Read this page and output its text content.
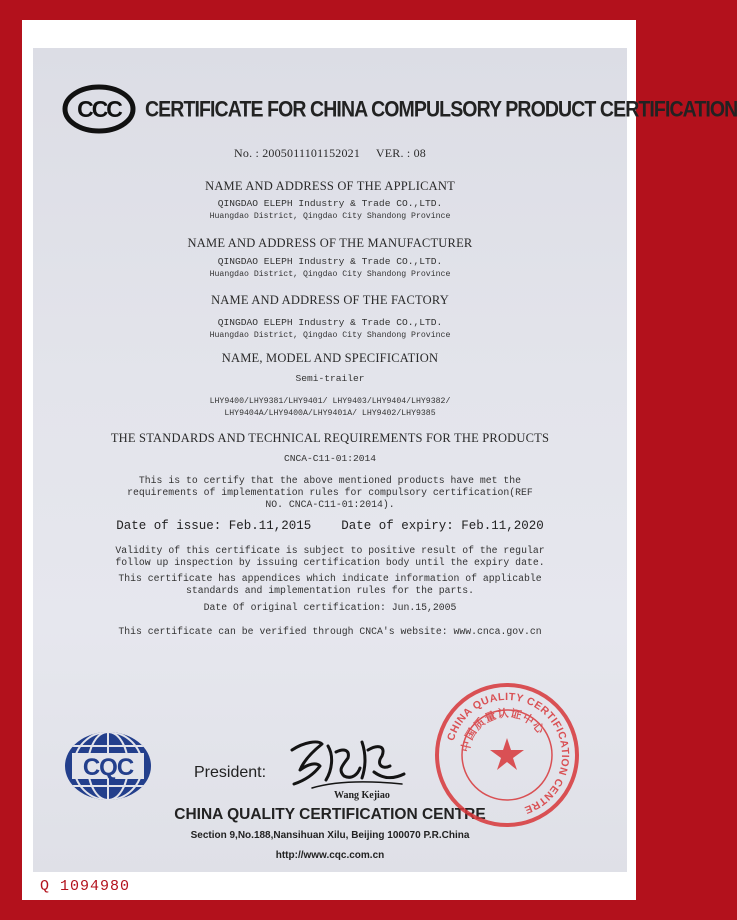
CCC CERTIFICATE FOR CHINA COMPULSORY PRODUCT CERTIFICATION
No. : 2005011101152021     VER. : 08
NAME AND ADDRESS OF THE APPLICANT
QINGDAO ELEPH Industry & Trade CO.,LTD.
Huangdao District, Qingdao City Shandong Province
NAME AND ADDRESS OF THE MANUFACTURER
QINGDAO ELEPH Industry & Trade CO.,LTD.
Huangdao District, Qingdao City Shandong Province
NAME AND ADDRESS OF THE FACTORY
QINGDAO ELEPH Industry & Trade CO.,LTD.
Huangdao District, Qingdao City Shandong Province
NAME, MODEL AND SPECIFICATION
Semi-trailer
LHY9400/LHY9381/LHY9401/ LHY9403/LHY9404/LHY9382/
LHY9404A/LHY9400A/LHY9401A/ LHY9402/LHY9385
THE STANDARDS AND TECHNICAL REQUIREMENTS FOR THE PRODUCTS
CNCA-C11-01:2014
This is to certify that the above mentioned products have met the
requirements of implementation rules for compulsory certification(REF
NO. CNCA-C11-01:2014).
Date of issue: Feb.11,2015    Date of expiry: Feb.11,2020
Validity of this certificate is subject to positive result of the regular
follow up inspection by issuing certification body until the expiry date.
This certificate has appendices which indicate information of applicable
standards and implementation rules for the parts.
Date Of original certification: Jun.15,2005
This certificate can be verified through CNCA's website: www.cnca.gov.cn
CQC	President:
Wang Kejiao
CHINA QUALITY CERTIFICATION CENTRE
Section 9,No.188,Nansihuan Xilu, Beijing 100070 P.R.China
http://www.cqc.com.cn
CHINA QUALITY CERTIFICATION CENTRE
中国质量认证中心
Q 1094980
